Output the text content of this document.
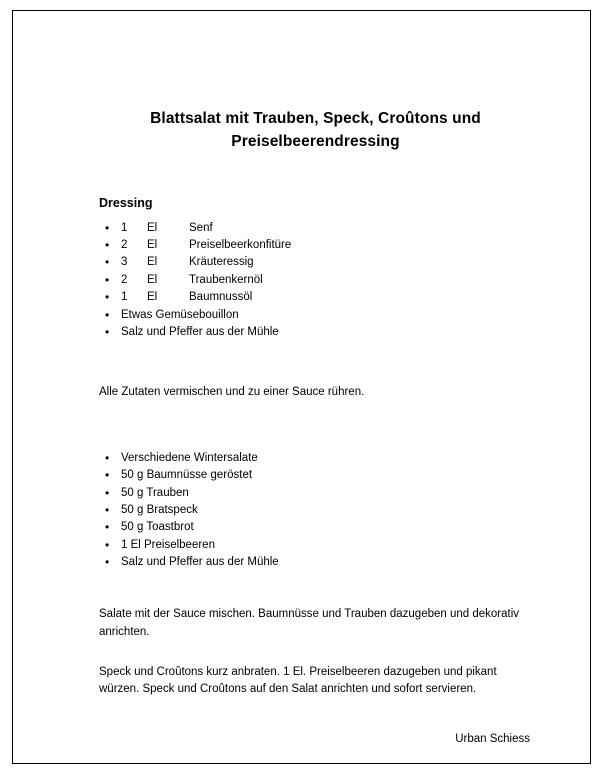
Blattsalat mit Trauben, Speck, Croûtons und Preiselbeerendressing
Dressing
• 1 El	Senf
• 2 El	Preiselbeerkonfitüre
• 3 El	Kräuteressig
• 2 El	Traubenkernöl
• 1 El	Baumnussöl
• Etwas Gemüsebouillon
• Salz und Pfeffer aus der Mühle

Alle Zutaten vermischen und zu einer Sauce rühren.

• Verschiedene Wintersalate
• 50 g Baumnüsse geröstet
• 50 g Trauben
• 50 g Bratspeck
• 50 g Toastbrot
• 1 El Preiselbeeren
• Salz und Pfeffer aus der Mühle

Salate mit der Sauce mischen. Baumnüsse und Trauben dazugeben und dekorativ anrichten.

Speck und Croûtons kurz anbraten. 1 El. Preiselbeeren dazugeben und pikant würzen. Speck und Croûtons auf den Salat anrichten und sofort servieren.

Urban Schiess
